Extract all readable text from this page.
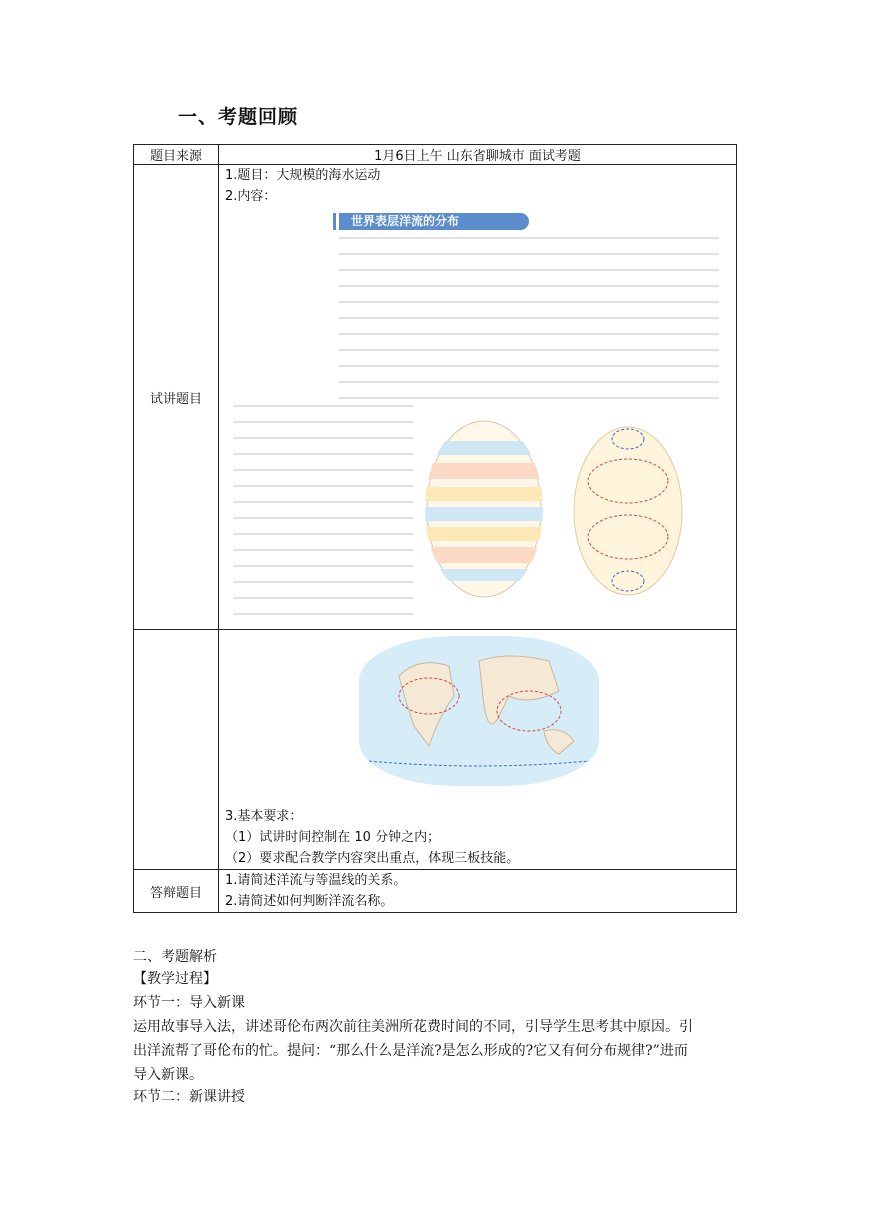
一、考题回顾
题目来源	1月6日上午 山东省聊城市 面试考题
试讲题目	1.题目：大规模的海水运动
2.内容：
世界表层洋流的分布

	3.基本要求：
（1）试讲时间控制在 10 分钟之内；
（2）要求配合教学内容突出重点，体现三板技能。

答辩题目	1.请简述洋流与等温线的关系。
2.请简述如何判断洋流名称。
二、考题解析
【教学过程】
环节一：导入新课
运用故事导入法，讲述哥伦布两次前往美洲所花费时间的不同，引导学生思考其中原因。引
出洋流帮了哥伦布的忙。提问：“那么什么是洋流?是怎么形成的?它又有何分布规律?”进而
导入新课。
环节二：新课讲授
